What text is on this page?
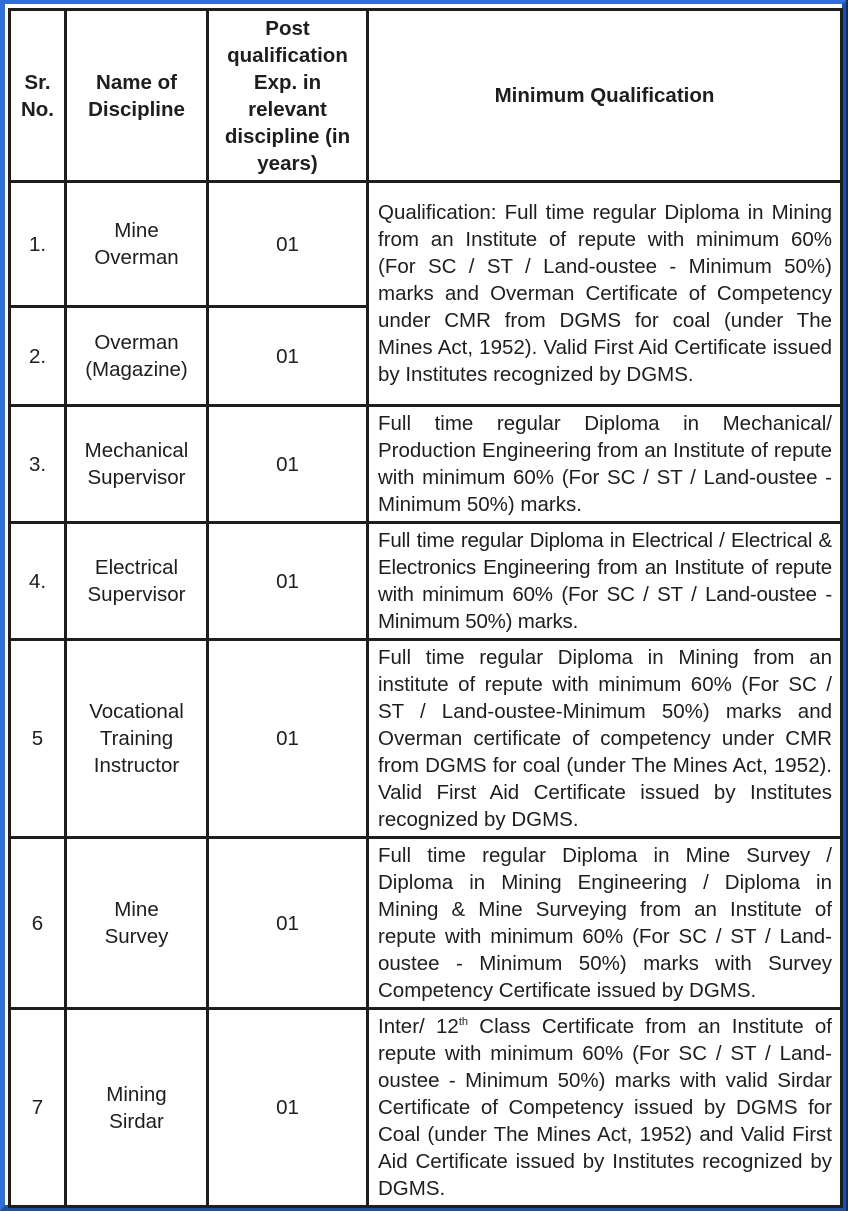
Sr. No.	Name of Discipline	Post qualification Exp. in relevant discipline (in years)	Minimum Qualification
1.	Mine Overman	01	Qualification: Full time regular Diploma in Mining from an Institute of repute with minimum 60% (For SC / ST / Land-oustee - Minimum 50%) marks and Overman Certificate of Competency under CMR from DGMS for coal (under The Mines Act, 1952). Valid First Aid Certificate issued by Institutes recognized by DGMS.
2.	Overman (Magazine)	01	
3.	Mechanical Supervisor	01	Full time regular Diploma in Mechanical/ Production Engineering from an Institute of repute with minimum 60% (For SC / ST / Land-oustee -Minimum 50%) marks.
4.	Electrical Supervisor	01	Full time regular Diploma in Electrical / Electrical & Electronics Engineering from an Institute of repute with minimum 60% (For SC / ST / Land-oustee - Minimum 50%) marks.
5	Vocational Training Instructor	01	Full time regular Diploma in Mining from an institute of repute with minimum 60% (For SC / ST / Land-oustee-Minimum 50%) marks and Overman certificate of competency under CMR from DGMS for coal (under The Mines Act, 1952). Valid First Aid Certificate issued by Institutes recognized by DGMS.
6	Mine Survey	01	Full time regular Diploma in Mine Survey / Diploma in Mining Engineering / Diploma in Mining & Mine Surveying from an Institute of repute with minimum 60% (For SC / ST / Land-oustee - Minimum 50%) marks with Survey Competency Certificate issued by DGMS.
7	Mining Sirdar	01	Inter/ 12th Class Certificate from an Institute of repute with minimum 60% (For SC / ST / Land-oustee - Minimum 50%) marks with valid Sirdar Certificate of Competency issued by DGMS for Coal (under The Mines Act, 1952) and Valid First Aid Certificate issued by Institutes recognized by DGMS.
